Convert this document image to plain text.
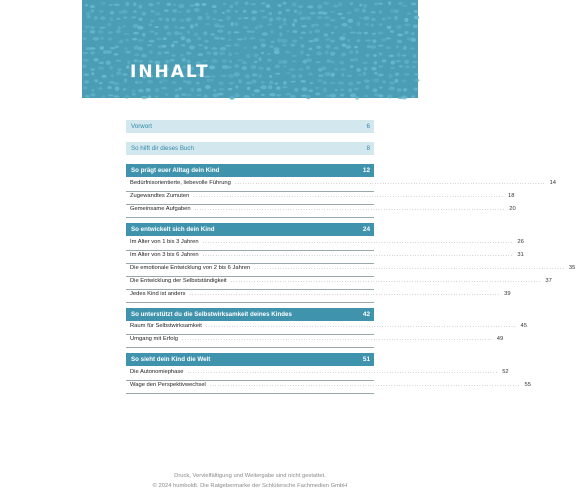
INHALT
Vorwort	6
So hilft dir dieses Buch	8
So prägt euer Alltag dein Kind	12
Bedürfnisorientierte, liebevolle Führung ........................................................................................................................ 14
Zugewandtes Zumuten ........................................................................................................................ 18
Gemeinsame Aufgaben ........................................................................................................................ 20
So entwickelt sich dein Kind	24
Im Alter von 1 bis 3 Jahren ........................................................................................................................ 26
Im Alter von 3 bis 6 Jahren ........................................................................................................................ 31
Die emotionale Entwicklung von 2 bis 6 Jahren ........................................................................................................................ 35
Die Entwicklung der Selbstständigkeit ........................................................................................................................ 37
Jedes Kind ist anders ........................................................................................................................ 39
So unterstützt du die Selbstwirksamkeit deines Kindes	42
Raum für Selbstwirksamkeit ........................................................................................................................ 45
Umgang mit Erfolg ........................................................................................................................ 49
So sieht dein Kind die Welt	51
Die Autonomiephase ........................................................................................................................ 52
Wage den Perspektivwechsel ........................................................................................................................ 55
Druck, Vervielfältigung und Weitergabe sind nicht gestattet.
© 2024 humboldt. Die Ratgebermarke der Schlütersche Fachmedien GmbH
